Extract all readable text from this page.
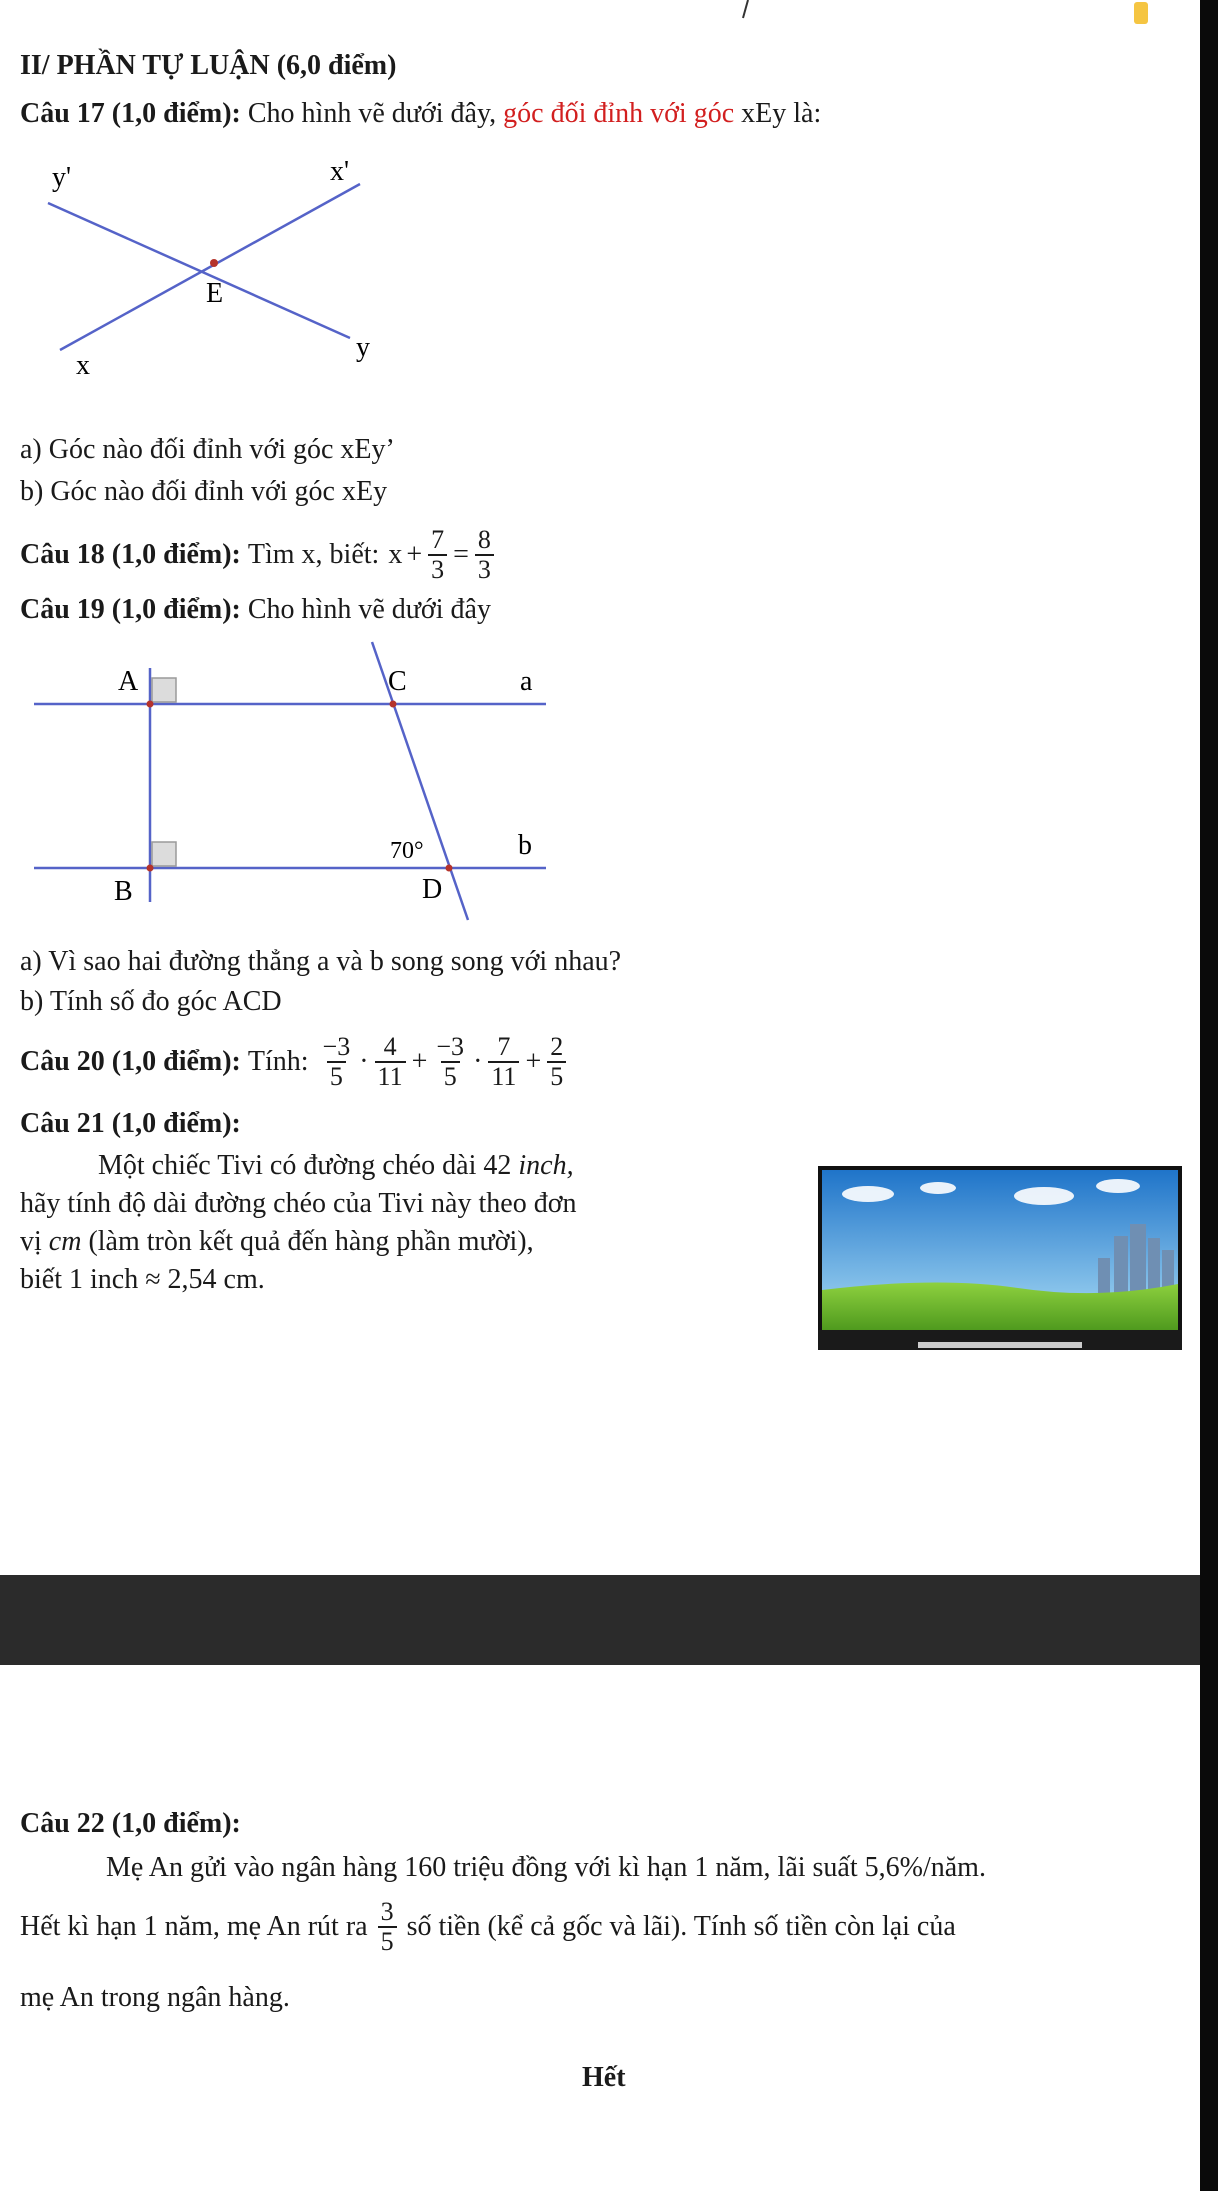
II/ PHẦN TỰ LUẬN (6,0 điểm)
Câu 17 (1,0 điểm): Cho hình vẽ dưới đây, góc đối đỉnh với góc xEy là:
y'	x'
E
y
x
a) Góc nào đối đỉnh với góc xEy’
b) Góc nào đối đỉnh với góc xEy
Câu 18 (1,0 điểm):
Tìm x, biết:
$x + \frac{7}{3} = \frac{8}{3}$
Câu 19 (1,0 điểm): Cho hình vẽ dưới đây
A	C	a
70°	b
B	D
a) Vì sao hai đường thẳng a và b song song với nhau?
b) Tính số đo góc ACD
Câu 20 (1,0 điểm):
Tính:
$\frac{-3}{5} \cdot \frac{4}{11} + \frac{-3}{5} \cdot \frac{7}{11} + \frac{2}{5}$
Câu 21 (1,0 điểm):
Một chiếc Tivi có đường chéo dài 42 inch,
hãy tính độ dài đường chéo của Tivi này theo đơn
vị cm (làm tròn kết quả đến hàng phần mười),
biết 1 inch ≈ 2,54 cm.
Câu 22 (1,0 điểm):
Mẹ An gửi vào ngân hàng 160 triệu đồng với kì hạn 1 năm, lãi suất 5,6%/năm.
Hết kì hạn 1 năm, mẹ An rút ra $\frac{3}{5}$ số tiền (kể cả gốc và lãi). Tính số tiền còn lại của
mẹ An trong ngân hàng.
Hết
